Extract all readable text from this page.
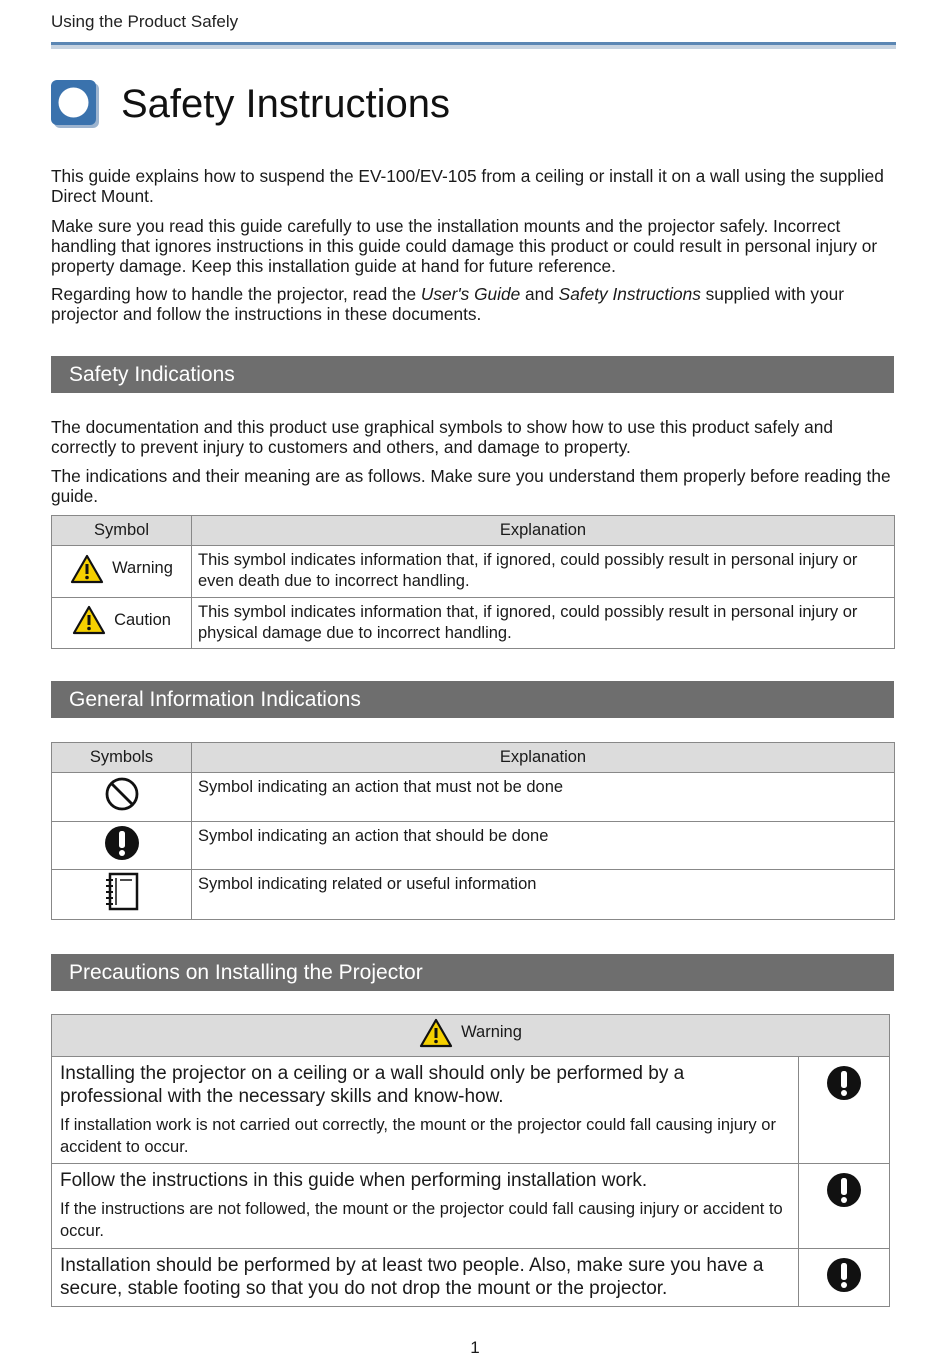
Using the Product Safely
Safety Instructions
This guide explains how to suspend the EV-100/EV-105 from a ceiling or install it on a wall using the supplied Direct Mount.
Make sure you read this guide carefully to use the installation mounts and the projector safely. Incorrect handling that ignores instructions in this guide could damage this product or could result in personal injury or property damage. Keep this installation guide at hand for future reference.
Regarding how to handle the projector, read the User's Guide and Safety Instructions supplied with your projector and follow the instructions in these documents.
Safety Indications
The documentation and this product use graphical symbols to show how to use this product safely and correctly to prevent injury to customers and others, and damage to property.
The indications and their meaning are as follows. Make sure you understand them properly before reading the guide.
Symbol	Explanation

Warning	This symbol indicates information that, if ignored, could possibly result in personal injury or even death due to incorrect handling.

Caution	This symbol indicates information that, if ignored, could possibly result in personal injury or physical damage due to incorrect handling.
General Information Indications
Symbols	Explanation
	Symbol indicating an action that must not be done
	Symbol indicating an action that should be done
	Symbol indicating related or useful information
Precautions on Installing the Projector
Warning	

Installing the projector on a ceiling or a wall should only be performed by a professional with the necessary skills and know-how.
If installation work is not carried out correctly, the mount or the projector could fall causing injury or accident to occur.

Follow the instructions in this guide when performing installation work.
If the instructions are not followed, the mount or the projector could fall causing injury or accident to occur.

Installation should be performed by at least two people. Also, make sure you have a secure, stable footing so that you do not drop the mount or the projector.

1
